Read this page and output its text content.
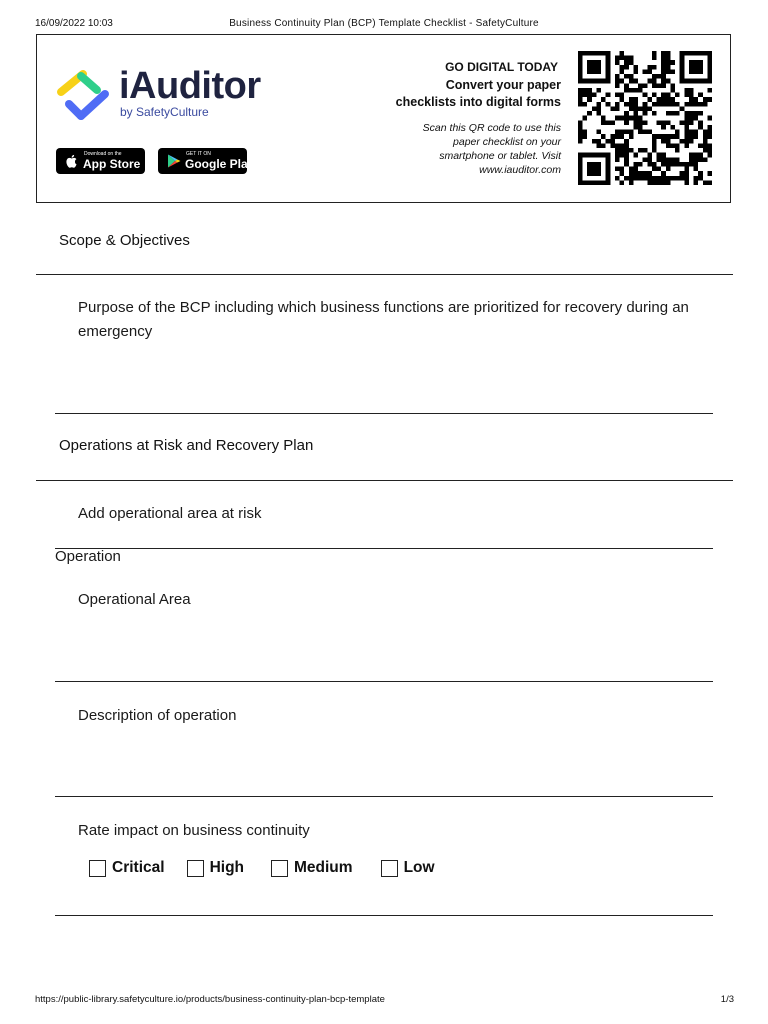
16/09/2022 10:03	Business Continuity Plan (BCP) Template Checklist - SafetyCulture
iAuditor
by SafetyCulture
Download on the
App Store
GET IT ON
Google Play
GO DIGITAL TODAY
Convert your paper
checklists into digital forms
Scan this QR code to use this
paper checklist on your
smartphone or tablet. Visit
www.iauditor.com
Scope & Objectives
Purpose of the BCP including which business functions are prioritized for recovery during an emergency
Operations at Risk and Recovery Plan
Add operational area at risk
Operation
Operational Area
Description of operation
Rate impact on business continuity
Critical	High	Medium	Low
https://public-library.safetyculture.io/products/business-continuity-plan-bcp-template	1/3
